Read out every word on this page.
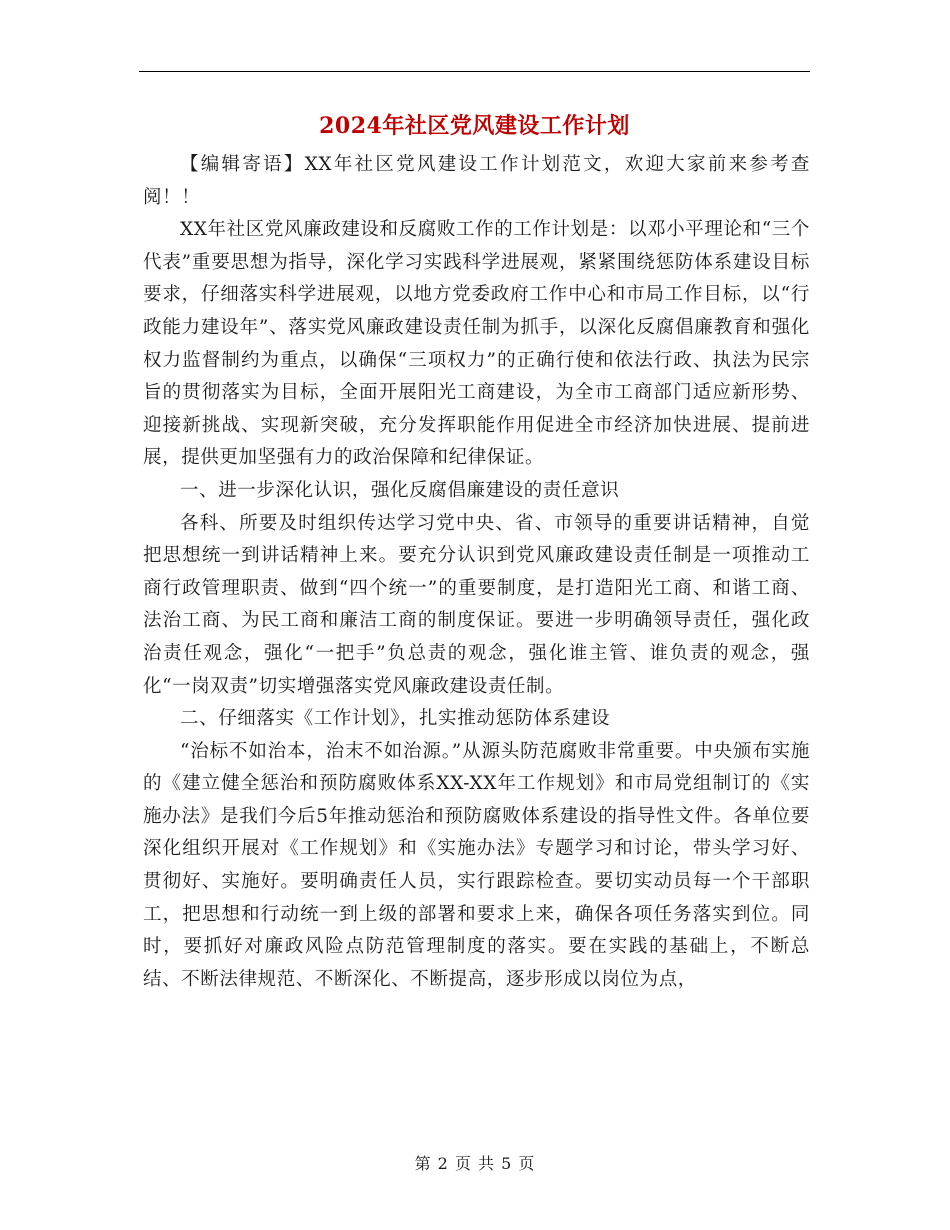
2024年社区党风建设工作计划

【编辑寄语】XX年社区党风建设工作计划范文，欢迎大家前来参考查阅！！

XX年社区党风廉政建设和反腐败工作的工作计划是：以邓小平理论和“三个代表”重要思想为指导，深化学习实践科学进展观，紧紧围绕惩防体系建设目标要求，仔细落实科学进展观，以地方党委政府工作中心和市局工作目标，以“行政能力建设年”、落实党风廉政建设责任制为抓手，以深化反腐倡廉教育和强化权力监督制约为重点，以确保“三项权力”的正确行使和依法行政、执法为民宗旨的贯彻落实为目标，全面开展阳光工商建设，为全市工商部门适应新形势、迎接新挑战、实现新突破，充分发挥职能作用促进全市经济加快进展、提前进展，提供更加坚强有力的政治保障和纪律保证。

一、进一步深化认识，强化反腐倡廉建设的责任意识

各科、所要及时组织传达学习党中央、省、市领导的重要讲话精神，自觉把思想统一到讲话精神上来。要充分认识到党风廉政建设责任制是一项推动工商行政管理职责、做到“四个统一”的重要制度，是打造阳光工商、和谐工商、法治工商、为民工商和廉洁工商的制度保证。要进一步明确领导责任，强化政治责任观念，强化“一把手”负总责的观念，强化谁主管、谁负责的观念，强化“一岗双责”切实增强落实党风廉政建设责任制。

二、仔细落实《工作计划》，扎实推动惩防体系建设

“治标不如治本，治末不如治源。”从源头防范腐败非常重要。中央颁布实施的《建立健全惩治和预防腐败体系XX-XX年工作规划》和市局党组制订的《实施办法》是我们今后5年推动惩治和预防腐败体系建设的指导性文件。各单位要深化组织开展对《工作规划》和《实施办法》专题学习和讨论，带头学习好、贯彻好、实施好。要明确责任人员，实行跟踪检查。要切实动员每一个干部职工，把思想和行动统一到上级的部署和要求上来，确保各项任务落实到位。同时，要抓好对廉政风险点防范管理制度的落实。要在实践的基础上，不断总结、不断法律规范、不断深化、不断提高，逐步形成以岗位为点，

第 2 页 共 5 页
